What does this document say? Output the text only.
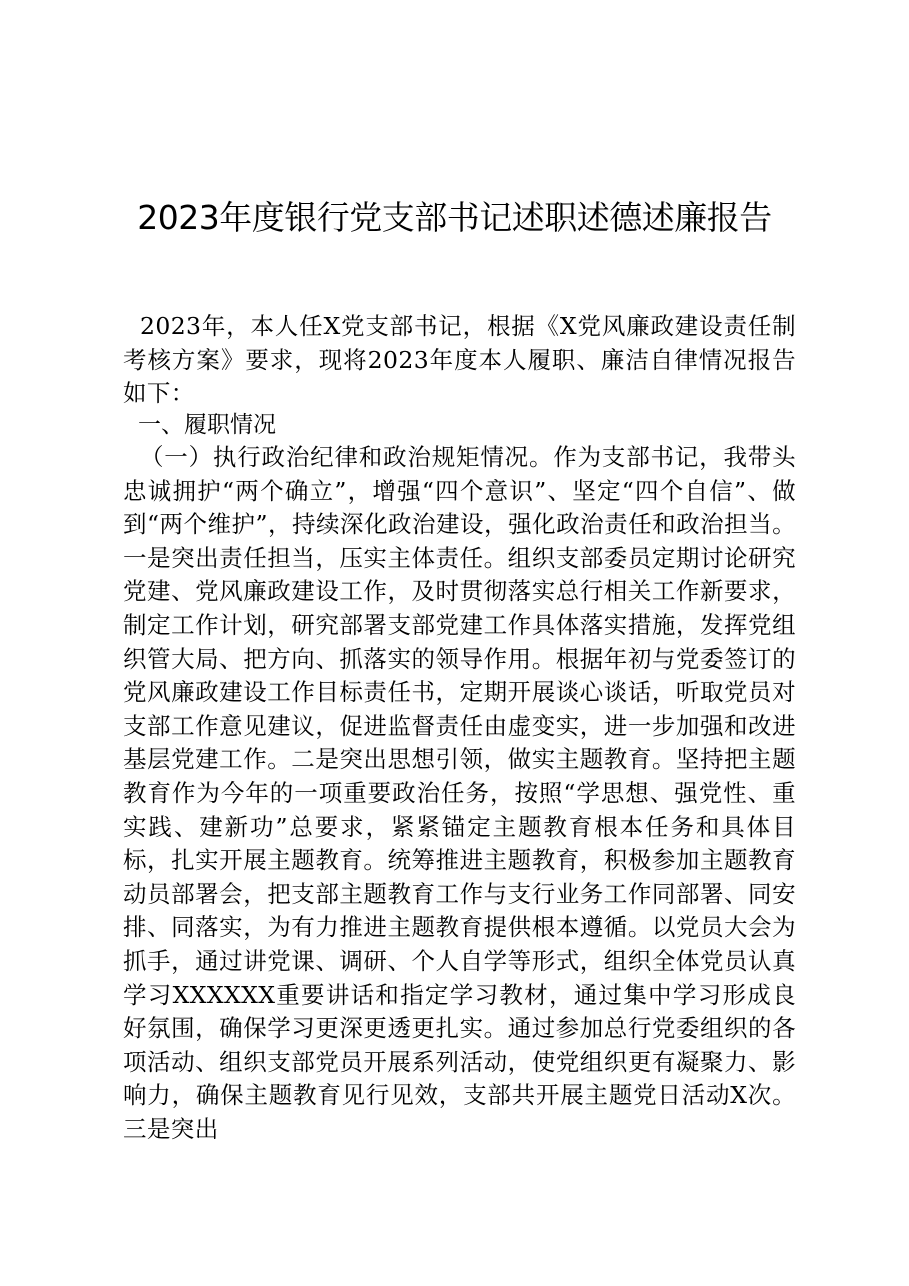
2023年度银行党支部书记述职述德述廉报告

2023年，本人任X党支部书记，根据《X党风廉政建设责任制考核方案》要求，现将2023年度本人履职、廉洁自律情况报告如下：

一、履职情况

（一）执行政治纪律和政治规矩情况。作为支部书记，我带头忠诚拥护“两个确立”，增强“四个意识”、坚定“四个自信”、做到“两个维护”，持续深化政治建设，强化政治责任和政治担当。一是突出责任担当，压实主体责任。组织支部委员定期讨论研究党建、党风廉政建设工作，及时贯彻落实总行相关工作新要求，制定工作计划，研究部署支部党建工作具体落实措施，发挥党组织管大局、把方向、抓落实的领导作用。根据年初与党委签订的党风廉政建设工作目标责任书，定期开展谈心谈话，听取党员对支部工作意见建议，促进监督责任由虚变实，进一步加强和改进基层党建工作。二是突出思想引领，做实主题教育。坚持把主题教育作为今年的一项重要政治任务，按照“学思想、强党性、重实践、建新功”总要求，紧紧锚定主题教育根本任务和具体目标，扎实开展主题教育。统筹推进主题教育，积极参加主题教育动员部署会，把支部主题教育工作与支行业务工作同部署、同安排、同落实，为有力推进主题教育提供根本遵循。以党员大会为抓手，通过讲党课、调研、个人自学等形式，组织全体党员认真学习XXXXXX重要讲话和指定学习教材，通过集中学习形成良好氛围，确保学习更深更透更扎实。通过参加总行党委组织的各项活动、组织支部党员开展系列活动，使党组织更有凝聚力、影响力，确保主题教育见行见效，支部共开展主题党日活动X次。三是突出
